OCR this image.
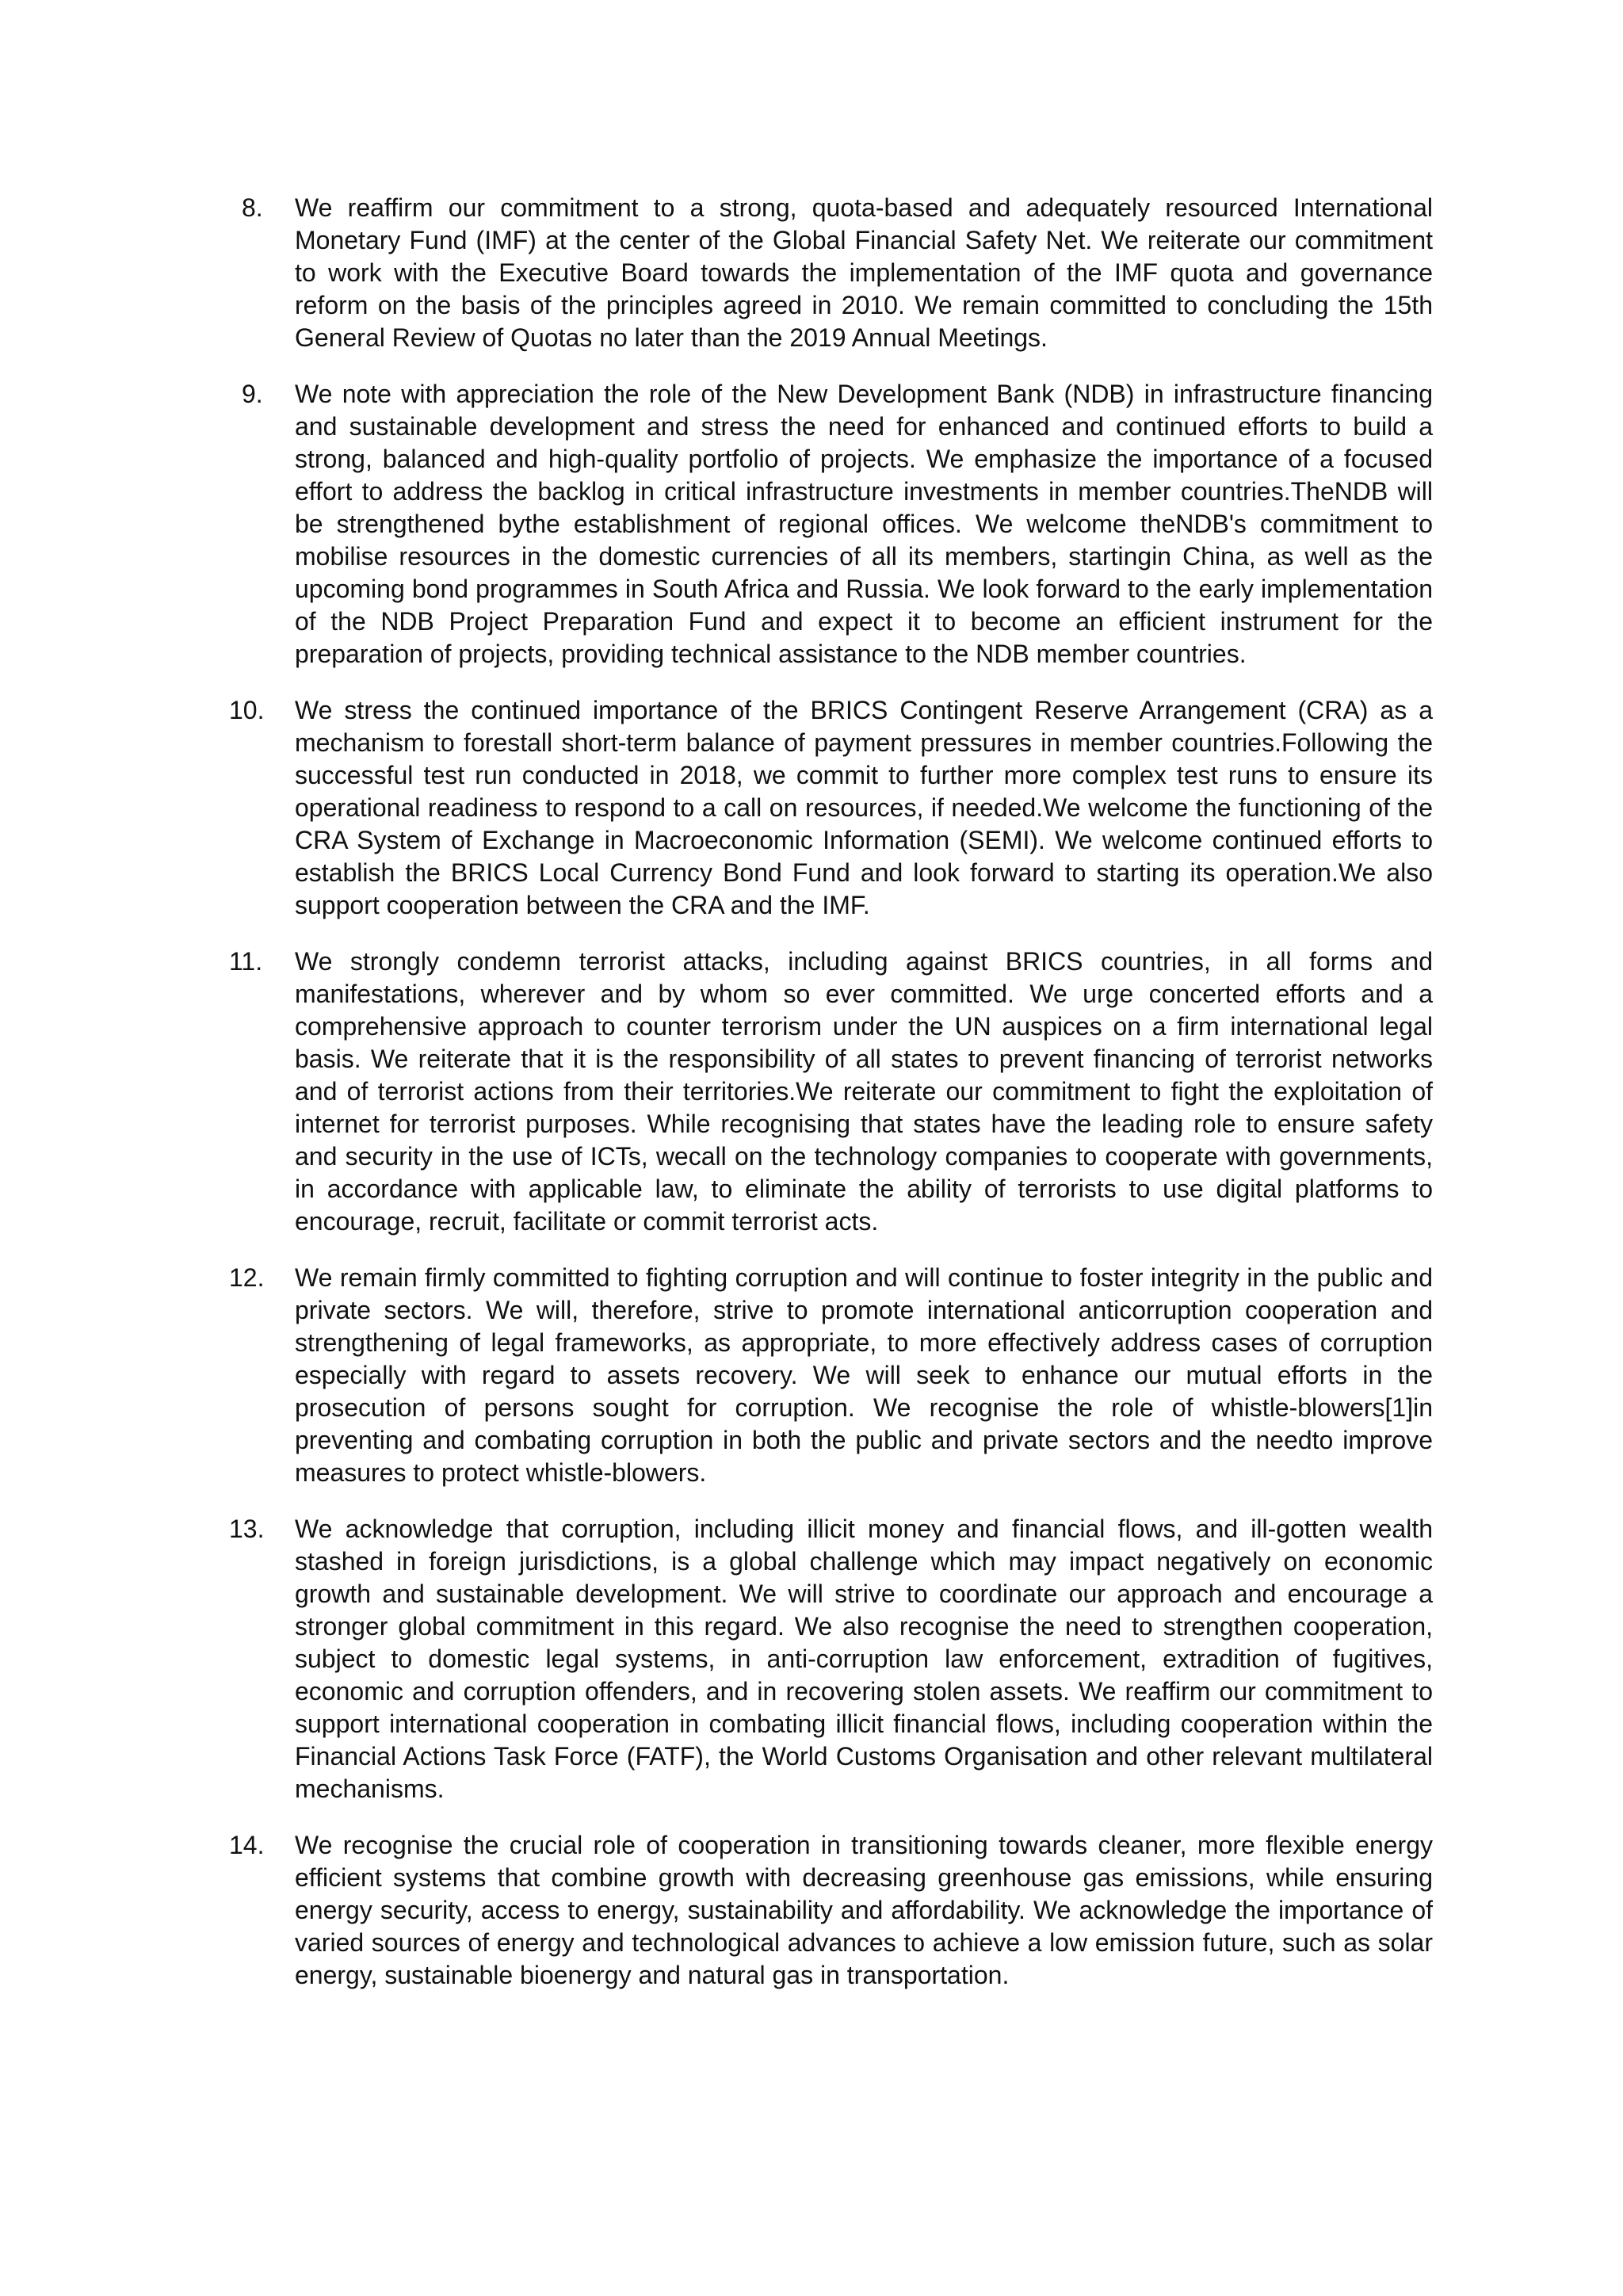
8.	We reaffirm our commitment to a strong, quota-based and adequately resourced International Monetary Fund (IMF) at the center of the Global Financial Safety Net. We reiterate our commitment to work with the Executive Board towards the implementation of the IMF quota and governance reform on the basis of the principles agreed in 2010. We remain committed to concluding the 15th General Review of Quotas no later than the 2019 Annual Meetings.
9.	We note with appreciation the role of the New Development Bank (NDB) in infrastructure financing and sustainable development and stress the need for enhanced and continued efforts to build a strong, balanced and high-quality portfolio of projects. We emphasize the importance of a focused effort to address the backlog in critical infrastructure investments in member countries.TheNDB will be strengthened bythe establishment of regional offices. We welcome theNDB's commitment to mobilise resources in the domestic currencies of all its members, startingin China, as well as the upcoming bond programmes in South Africa and Russia. We look forward to the early implementation of the NDB Project Preparation Fund and expect it to become an efficient instrument for the preparation of projects, providing technical assistance to the NDB member countries.
10.	We stress the continued importance of the BRICS Contingent Reserve Arrangement (CRA) as a mechanism to forestall short-term balance of payment pressures in member countries.Following the successful test run conducted in 2018, we commit to further more complex test runs to ensure its operational readiness to respond to a call on resources, if needed.We welcome the functioning of the CRA System of Exchange in Macroeconomic Information (SEMI). We welcome continued efforts to establish the BRICS Local Currency Bond Fund and look forward to starting its operation.We also support cooperation between the CRA and the IMF.
11.	We strongly condemn terrorist attacks, including against BRICS countries, in all forms and manifestations, wherever and by whom so ever committed. We urge concerted efforts and a comprehensive approach to counter terrorism under the UN auspices on a firm international legal basis. We reiterate that it is the responsibility of all states to prevent financing of terrorist networks and of terrorist actions from their territories.We reiterate our commitment to fight the exploitation of internet for terrorist purposes. While recognising that states have the leading role to ensure safety and security in the use of ICTs, wecall on the technology companies to cooperate with governments, in accordance with applicable law, to eliminate the ability of terrorists to use digital platforms to encourage, recruit, facilitate or commit terrorist acts.
12.	We remain firmly committed to fighting corruption and will continue to foster integrity in the public and private sectors. We will, therefore, strive to promote international anticorruption cooperation and strengthening of legal frameworks, as appropriate, to more effectively address cases of corruption especially with regard to assets recovery. We will seek to enhance our mutual efforts in the prosecution of persons sought for corruption. We recognise the role of whistle-blowers[1]in preventing and combating corruption in both the public and private sectors and the needto improve measures to protect whistle-blowers.
13.	We acknowledge that corruption, including illicit money and financial flows, and ill-gotten wealth stashed in foreign jurisdictions, is a global challenge which may impact negatively on economic growth and sustainable development. We will strive to coordinate our approach and encourage a stronger global commitment in this regard. We also recognise the need to strengthen cooperation, subject to domestic legal systems, in anti-corruption law enforcement, extradition of fugitives, economic and corruption offenders, and in recovering stolen assets. We reaffirm our commitment to support international cooperation in combating illicit financial flows, including cooperation within the Financial Actions Task Force (FATF), the World Customs Organisation and other relevant multilateral mechanisms.
14.	We recognise the crucial role of cooperation in transitioning towards cleaner, more flexible energy efficient systems that combine growth with decreasing greenhouse gas emissions, while ensuring energy security, access to energy, sustainability and affordability. We acknowledge the importance of varied sources of energy and technological advances to achieve a low emission future, such as solar energy, sustainable bioenergy and natural gas in transportation.
